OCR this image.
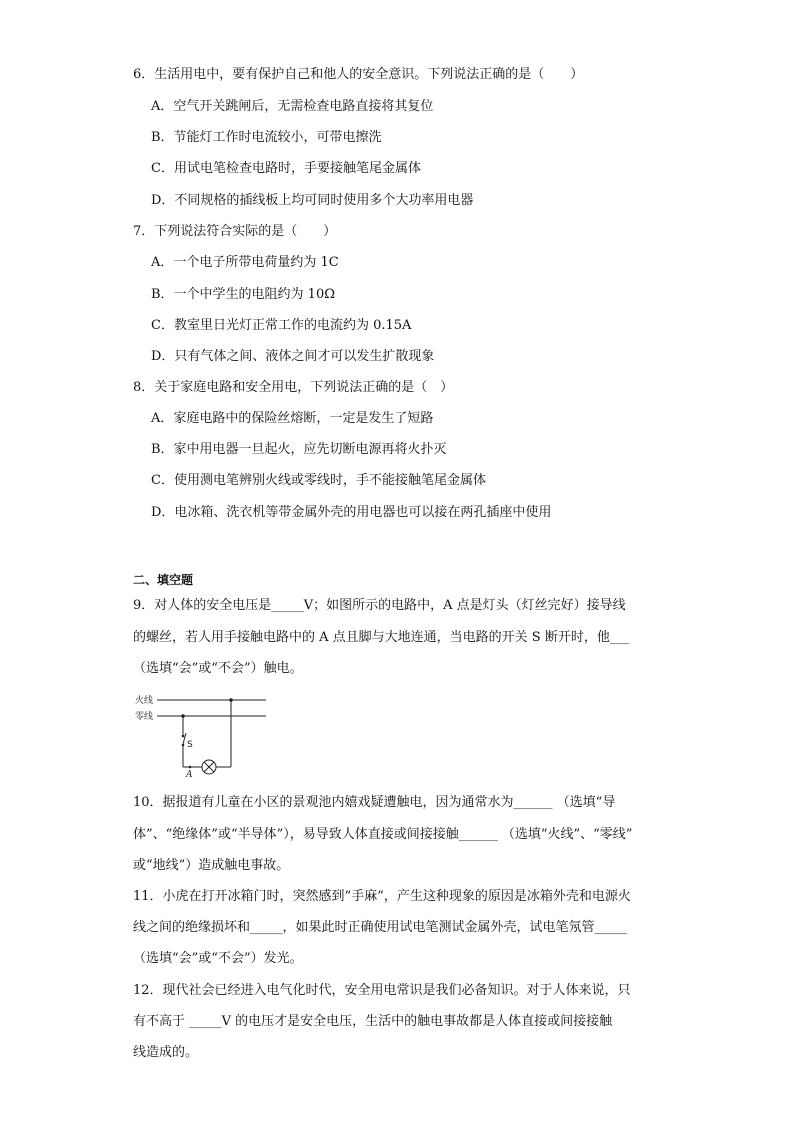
6．生活用电中，要有保护自己和他人的安全意识。下列说法正确的是（　　）
A．空气开关跳闸后，无需检查电路直接将其复位
B．节能灯工作时电流较小，可带电擦洗
C．用试电笔检查电路时，手要接触笔尾金属体
D．不同规格的插线板上均可同时使用多个大功率用电器
7．下列说法符合实际的是（　　）
A．一个电子所带电荷量约为 1C
B．一个中学生的电阻约为 10Ω
C．教室里日光灯正常工作的电流约为 0.15A
D．只有气体之间、液体之间才可以发生扩散现象
8．关于家庭电路和安全用电，下列说法正确的是（　）
A．家庭电路中的保险丝熔断，一定是发生了短路
B．家中用电器一旦起火，应先切断电源再将火扑灭
C．使用测电笔辨别火线或零线时，手不能接触笔尾金属体
D．电冰箱、洗衣机等带金属外壳的用电器也可以接在两孔插座中使用
二、填空题
9．对人体的安全电压是_____V；如图所示的电路中，A 点是灯头（灯丝完好）接导线
的螺丝，若人用手接触电路中的 A 点且脚与大地连通，当电路的开关 S 断开时，他___
（选填“会”或“不会”）触电。
火线
零线
S
A
10．据报道有儿童在小区的景观池内嬉戏疑遭触电，因为通常水为______ （选填“导
体”、“绝缘体”或“半导体”），易导致人体直接或间接接触______ （选填“火线”、“零线”
或“地线”）造成触电事故。
11．小虎在打开冰箱门时，突然感到“手麻”，产生这种现象的原因是冰箱外壳和电源火
线之间的绝缘损坏和_____，如果此时正确使用试电笔测试金属外壳，试电笔氖管_____
（选填“会”或“不会”）发光。
12．现代社会已经进入电气化时代，安全用电常识是我们必备知识。对于人体来说，只
有不高于 _____V 的电压才是安全电压，生活中的触电事故都是人体直接或间接接触
线造成的。
